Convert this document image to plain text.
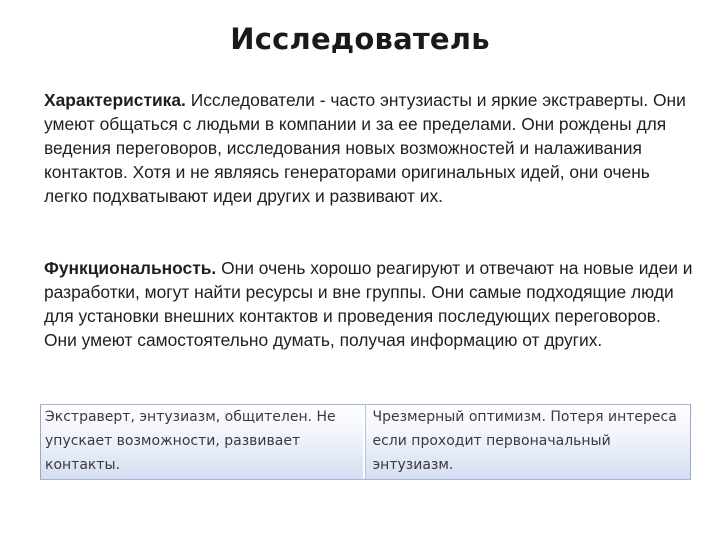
Исследователь
Характеристика. Исследователи - часто энтузиасты и яркие экстраверты. Они умеют общаться с людьми в компании и за ее пределами. Они рождены для ведения переговоров, исследования новых возможностей и налаживания контактов. Хотя и не являясь генераторами оригинальных идей, они очень легко подхватывают идеи других и развивают их.
Функциональность. Они очень хорошо реагируют и отвечают на новые идеи и разработки, могут найти ресурсы и вне группы. Они самые подходящие люди для установки внешних контактов и проведения последующих переговоров. Они умеют самостоятельно думать, получая информацию от других.
Экстраверт, энтузиазм, общителен. Не упускает возможности, развивает контакты.
Чрезмерный оптимизм. Потеря интереса если проходит первоначальный энтузиазм.
